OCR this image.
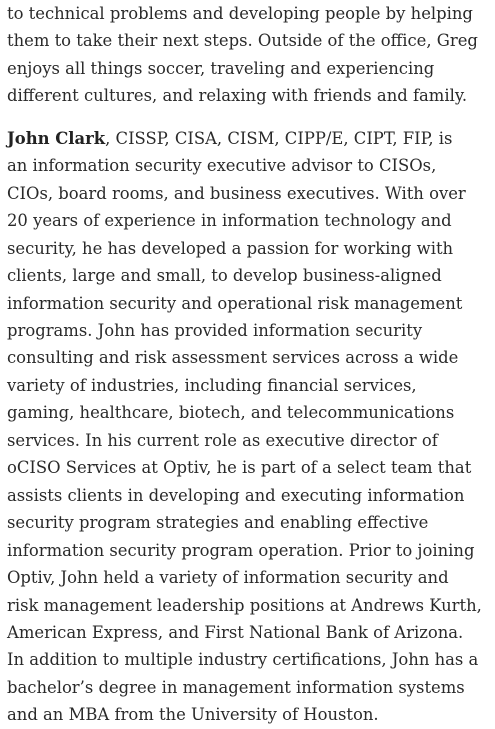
to technical problems and developing people by helping
them to take their next steps. Outside of the office, Greg
enjoys all things soccer, traveling and experiencing
different cultures, and relaxing with friends and family.

John Clark, CISSP, CISA, CISM, CIPP/E, CIPT, FIP, is
an information security executive advisor to CISOs,
CIOs, board rooms, and business executives. With over
20 years of experience in information technology and
security, he has developed a passion for working with
clients, large and small, to develop business-aligned
information security and operational risk management
programs. John has provided information security
consulting and risk assessment services across a wide
variety of industries, including financial services,
gaming, healthcare, biotech, and telecommunications
services. In his current role as executive director of
oCISO Services at Optiv, he is part of a select team that
assists clients in developing and executing information
security program strategies and enabling effective
information security program operation. Prior to joining
Optiv, John held a variety of information security and
risk management leadership positions at Andrews Kurth,
American Express, and First National Bank of Arizona.
In addition to multiple industry certifications, John has a
bachelor’s degree in management information systems
and an MBA from the University of Houston.
